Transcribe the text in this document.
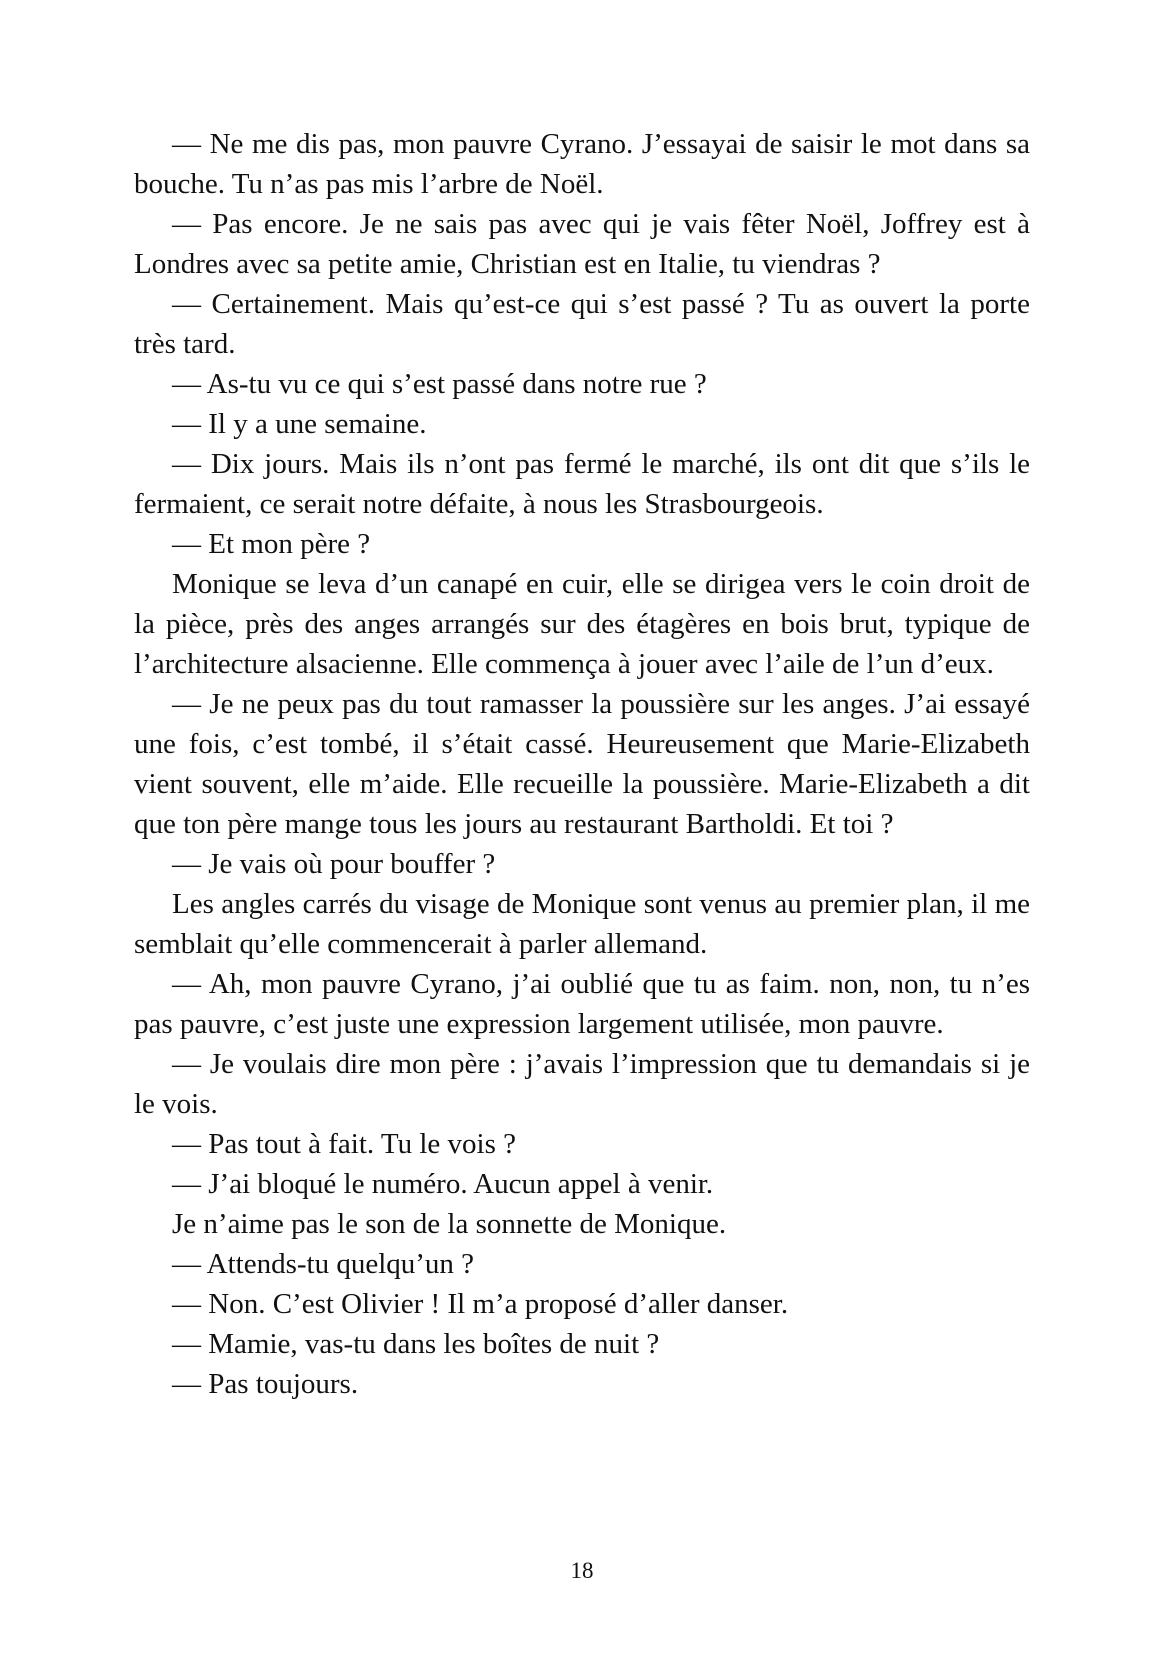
— Ne me dis pas, mon pauvre Cyrano. J’essayai de saisir le mot dans sa bouche. Tu n’as pas mis l’arbre de Noël.

— Pas encore. Je ne sais pas avec qui je vais fêter Noël, Joffrey est à Londres avec sa petite amie, Christian est en Italie, tu viendras ?

— Certainement. Mais qu’est-ce qui s’est passé ? Tu as ouvert la porte très tard.

— As-tu vu ce qui s’est passé dans notre rue ?

— Il y a une semaine.

— Dix jours. Mais ils n’ont pas fermé le marché, ils ont dit que s’ils le fermaient, ce serait notre défaite, à nous les Strasbourgeois.

— Et mon père ?

Monique se leva d’un canapé en cuir, elle se dirigea vers le coin droit de la pièce, près des anges arrangés sur des étagères en bois brut, typique de l’architecture alsacienne. Elle commença à jouer avec l’aile de l’un d’eux.

— Je ne peux pas du tout ramasser la poussière sur les anges. J’ai essayé une fois, c’est tombé, il s’était cassé. Heureusement que Marie-Elizabeth vient souvent, elle m’aide. Elle recueille la poussière. Marie-Elizabeth a dit que ton père mange tous les jours au restaurant Bartholdi. Et toi ?

— Je vais où pour bouffer ?

Les angles carrés du visage de Monique sont venus au premier plan, il me semblait qu’elle commencerait à parler allemand.

— Ah, mon pauvre Cyrano, j’ai oublié que tu as faim. non, non, tu n’es pas pauvre, c’est juste une expression largement utilisée, mon pauvre.

— Je voulais dire mon père : j’avais l’impression que tu demandais si je le vois.

— Pas tout à fait. Tu le vois ?

— J’ai bloqué le numéro. Aucun appel à venir.

Je n’aime pas le son de la sonnette de Monique.

— Attends-tu quelqu’un ?

— Non. C’est Olivier ! Il m’a proposé d’aller danser.

— Mamie, vas-tu dans les boîtes de nuit ?

— Pas toujours.

18
